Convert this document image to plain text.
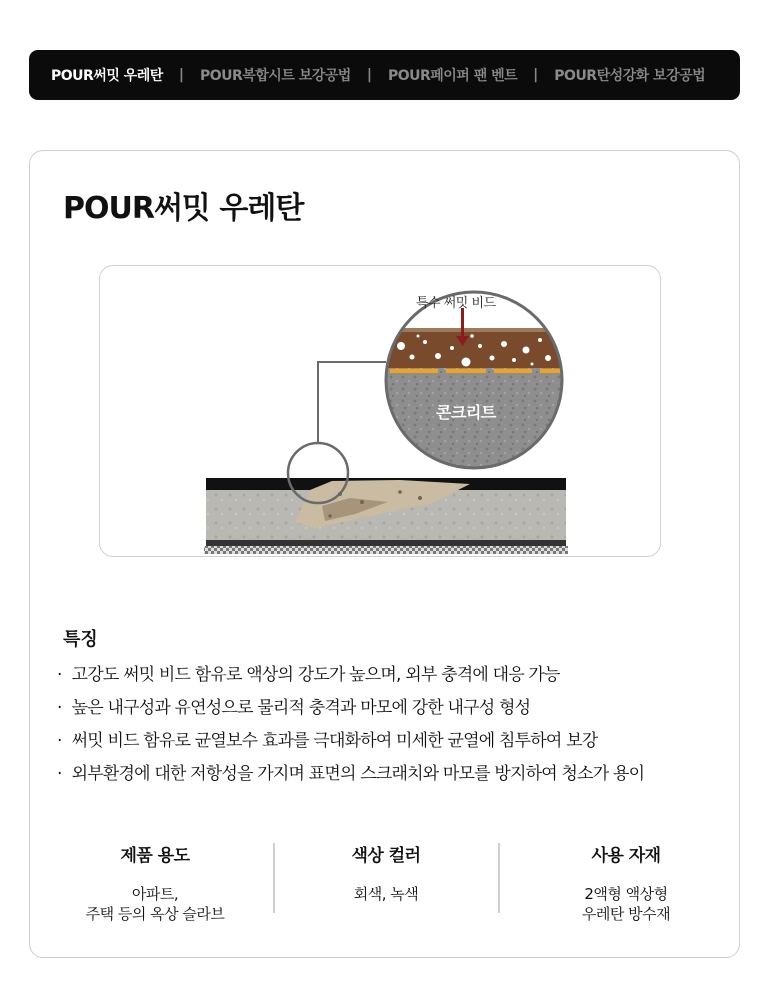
POUR써밋 우레탄 | POUR복합시트 보강공법 | POUR페이퍼 팬 벤트 | POUR탄성강화 보강공법
POUR써밋 우레탄
특수 써밋 비드
콘크리트
특징
· 고강도 써밋 비드 함유로 액상의 강도가 높으며, 외부 충격에 대응 가능
· 높은 내구성과 유연성으로 물리적 충격과 마모에 강한 내구성 형성
· 써밋 비드 함유로 균열보수 효과를 극대화하여 미세한 균열에 침투하여 보강
· 외부환경에 대한 저항성을 가지며 표면의 스크래치와 마모를 방지하여 청소가 용이
제품 용도
아파트,
주택 등의 옥상 슬라브
색상 컬러
회색, 녹색
사용 자재
2액형 액상형
우레탄 방수재
